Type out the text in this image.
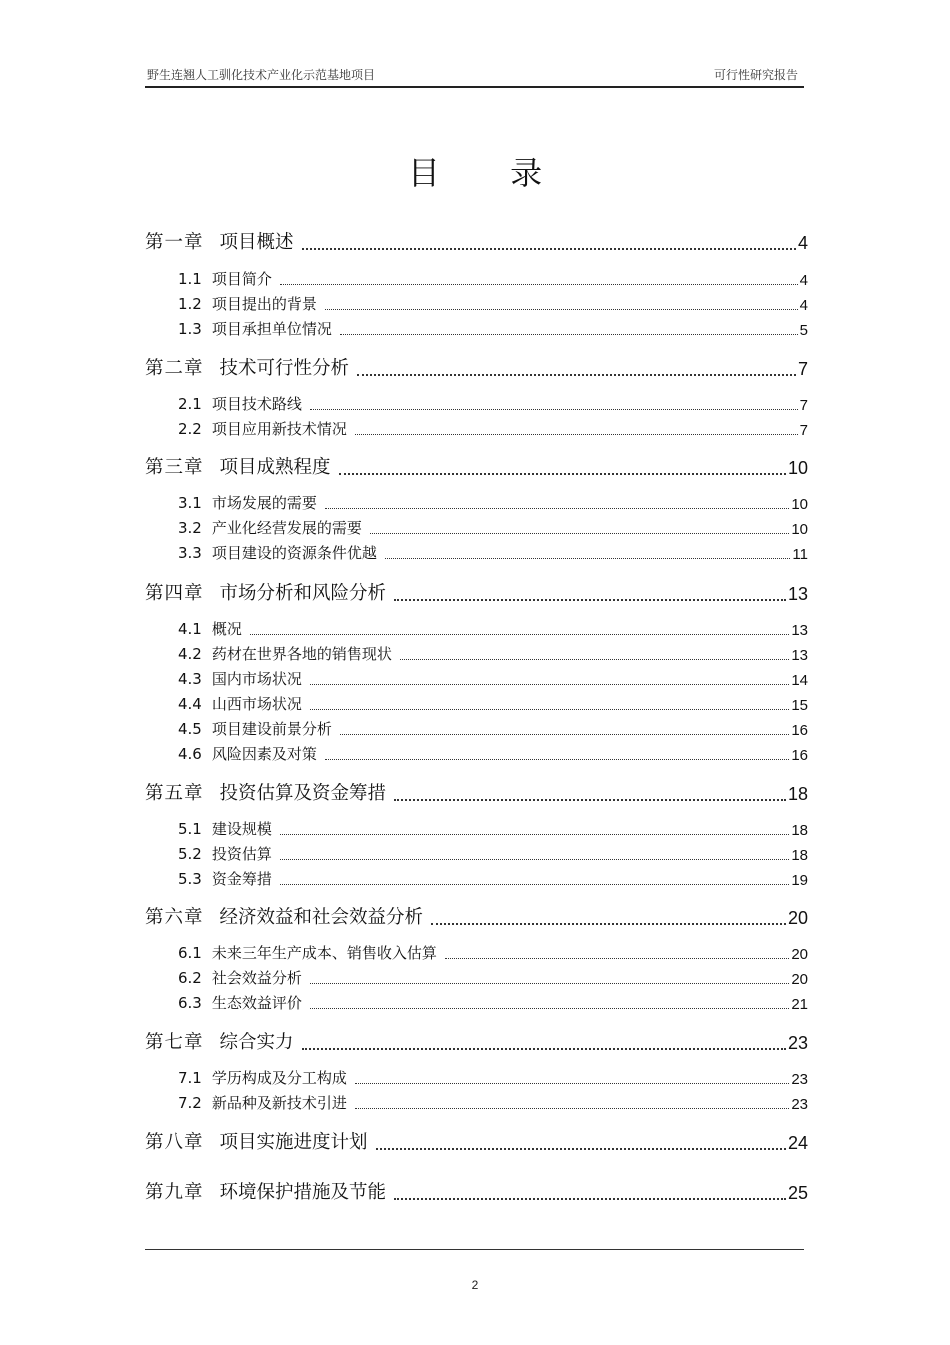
野生连翘人工驯化技术产业化示范基地项目	可行性研究报告
目 录
第一章 项目概述	4
1.1 项目简介	4
1.2 项目提出的背景	4
1.3 项目承担单位情况	5
第二章 技术可行性分析	7
2.1 项目技术路线	7
2.2 项目应用新技术情况	7
第三章 项目成熟程度	10
3.1 市场发展的需要	10
3.2 产业化经营发展的需要	10
3.3 项目建设的资源条件优越	11
第四章 市场分析和风险分析	13
4.1 概况	13
4.2 药材在世界各地的销售现状	13
4.3 国内市场状况	14
4.4 山西市场状况	15
4.5 项目建设前景分析	16
4.6 风险因素及对策	16
第五章 投资估算及资金筹措	18
5.1 建设规模	18
5.2 投资估算	18
5.3 资金筹措	19
第六章 经济效益和社会效益分析	20
6.1 未来三年生产成本、销售收入估算	20
6.2 社会效益分析	20
6.3 生态效益评价	21
第七章 综合实力	23
7.1 学历构成及分工构成	23
7.2 新品种及新技术引进	23
第八章 项目实施进度计划	24
第九章 环境保护措施及节能	25
2
